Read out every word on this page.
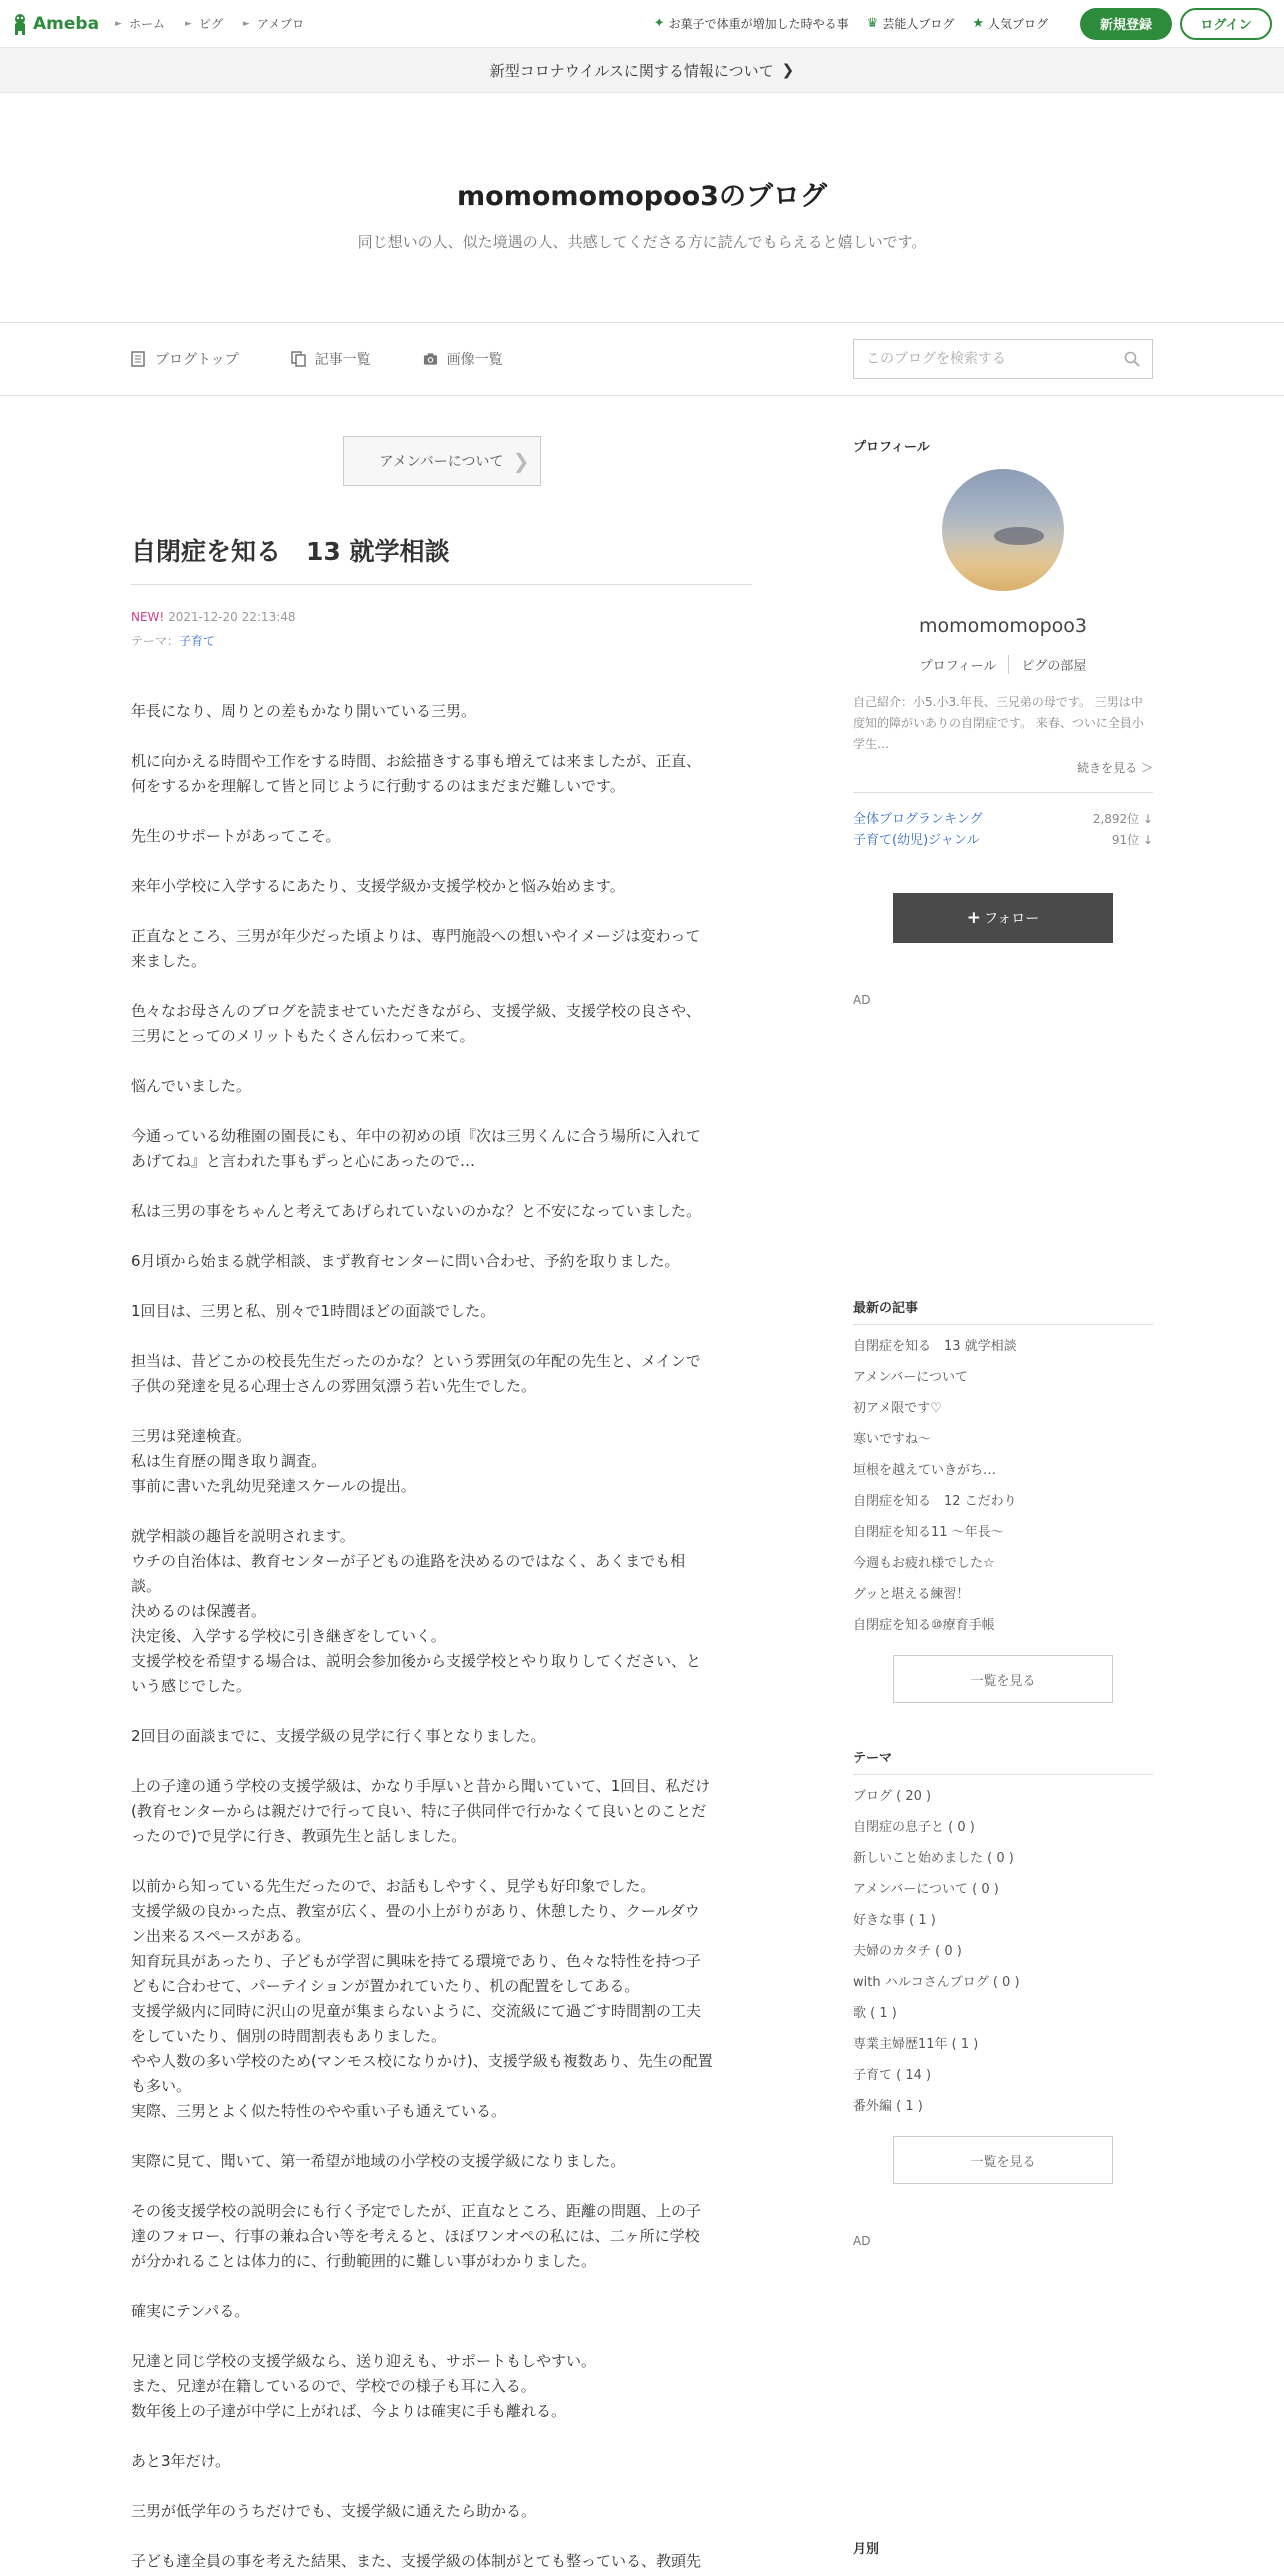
Ameba ► ホーム ► ピグ ► アメブロ	✦ お菓子で体重が増加した時やる事 ♛ 芸能人ブログ ★ 人気ブログ	新規登録	ログイン
新型コロナウイルスに関する情報について ❯
momomomopoo3のブログ

同じ想いの人、似た境遇の人、共感してくださる方に読んでもらえると嬉しいです。

ブログトップ	記事一覧	画像一覧
このブログを検索する
アメンバーについて ❯
自閉症を知る　13 就学相談
NEW! 2021-12-20 22:13:48
テーマ：子育て

年長になり、周りとの差もかなり開いている三男。

机に向かえる時間や工作をする時間、お絵描きする事も増えては来ましたが、正直、
何をするかを理解して皆と同じように行動するのはまだまだ難しいです。

先生のサポートがあってこそ。

来年小学校に入学するにあたり、支援学級か支援学校かと悩み始めます。

正直なところ、三男が年少だった頃よりは、専門施設への想いやイメージは変わって
来ました。

色々なお母さんのブログを読ませていただきながら、支援学級、支援学校の良さや、
三男にとってのメリットもたくさん伝わって来て。

悩んでいました。

今通っている幼稚園の園長にも、年中の初めの頃『次は三男くんに合う場所に入れて
あげてね』と言われた事もずっと心にあったので…

私は三男の事をちゃんと考えてあげられていないのかな？と不安になっていました。

6月頃から始まる就学相談、まず教育センターに問い合わせ、予約を取りました。

1回目は、三男と私、別々で1時間ほどの面談でした。

担当は、昔どこかの校長先生だったのかな？という雰囲気の年配の先生と、メインで
子供の発達を見る心理士さんの雰囲気漂う若い先生でした。

三男は発達検査。
私は生育歴の聞き取り調査。
事前に書いた乳幼児発達スケールの提出。

就学相談の趣旨を説明されます。
ウチの自治体は、教育センターが子どもの進路を決めるのではなく、あくまでも相
談。
決めるのは保護者。
決定後、入学する学校に引き継ぎをしていく。
支援学校を希望する場合は、説明会参加後から支援学校とやり取りしてください、と
いう感じでした。

2回目の面談までに、支援学級の見学に行く事となりました。

上の子達の通う学校の支援学級は、かなり手厚いと昔から聞いていて、1回目、私だけ
(教育センターからは親だけで行って良い、特に子供同伴で行かなくて良いとのことだ
ったので)で見学に行き、教頭先生と話しました。

以前から知っている先生だったので、お話もしやすく、見学も好印象でした。
支援学級の良かった点、教室が広く、畳の小上がりがあり、休憩したり、クールダウ
ン出来るスペースがある。
知育玩具があったり、子どもが学習に興味を持てる環境であり、色々な特性を持つ子
どもに合わせて、パーテイションが置かれていたり、机の配置をしてある。
支援学級内に同時に沢山の児童が集まらないように、交流級にて過ごす時間割の工夫
をしていたり、個別の時間割表もありました。
やや人数の多い学校のため(マンモス校になりかけ)、支援学級も複数あり、先生の配置
も多い。
実際、三男とよく似た特性のやや重い子も通えている。

実際に見て、聞いて、第一希望が地域の小学校の支援学級になりました。

その後支援学校の説明会にも行く予定でしたが、正直なところ、距離の問題、上の子
達のフォロー、行事の兼ね合い等を考えると、ほぼワンオペの私には、二ヶ所に学校
が分かれることは体力的に、行動範囲的に難しい事がわかりました。

確実にテンパる。

兄達と同じ学校の支援学級なら、送り迎えも、サポートもしやすい。
また、兄達が在籍しているので、学校での様子も耳に入る。
数年後上の子達が中学に上がれば、今よりは確実に手も離れる。

あと3年だけ。

三男が低学年のうちだけでも、支援学級に通えたら助かる。

子ども達全員の事を考えた結果、また、支援学級の体制がとても整っている、教頭先

プロフィール
momomomopoo3
プロフィール	ピグの部屋
自己紹介：小5.小3.年長、三兄弟の母です。 三男は中度知的障がいありの自閉症です。 来春、ついに全員小学生…
続きを見る ＞
全体ブログランキング	2,892位 ↓
子育て(幼児)ジャンル	91位 ↓
+ フォロー
AD
最新の記事
自閉症を知る　13 就学相談
アメンバーについて
初アメ限です♡
寒いですね〜
垣根を越えていきがち…
自閉症を知る　12 こだわり
自閉症を知る11 〜年長〜
今週もお疲れ様でした☆
グッと堪える練習！
自閉症を知る⑩療育手帳
一覧を見る
テーマ
ブログ ( 20 )
自閉症の息子と ( 0 )
新しいこと始めました ( 0 )
アメンバーについて ( 0 )
好きな事 ( 1 )
夫婦のカタチ ( 0 )
with ハルコさんブログ ( 0 )
歌 ( 1 )
専業主婦歴11年 ( 1 )
子育て ( 14 )
番外編 ( 1 )
一覧を見る
AD
月別
